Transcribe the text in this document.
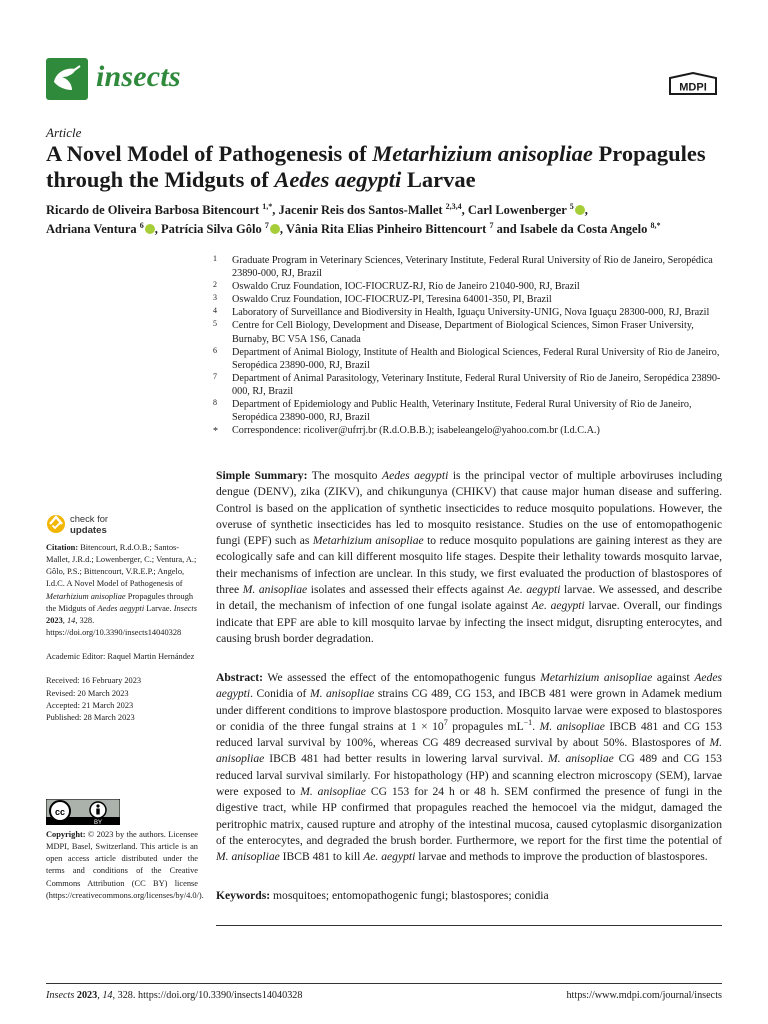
insects	MDPI
Article
A Novel Model of Pathogenesis of Metarhizium anisopliae Propagules through the Midguts of Aedes aegypti Larvae
Ricardo de Oliveira Barbosa Bitencourt $^{1,*}$, Jacenir Reis dos Santos-Mallet $^{2,3,4}$, Carl Lowenberger $^5$ ,
Adriana Ventura $^6$ , Patrícia Silva Gôlo $^7$ , Vânia Rita Elias Pinheiro Bittencourt $^7$ and Isabele da Costa Angelo $^{8,*}$
1 Graduate Program in Veterinary Sciences, Veterinary Institute, Federal Rural University of Rio de Janeiro, Seropédica 23890-000, RJ, Brazil
2 Oswaldo Cruz Foundation, IOC-FIOCRUZ-RJ, Rio de Janeiro 21040-900, RJ, Brazil
3 Oswaldo Cruz Foundation, IOC-FIOCRUZ-PI, Teresina 64001-350, PI, Brazil
4 Laboratory of Surveillance and Biodiversity in Health, Iguaçu University-UNIG, Nova Iguaçu 28300-000, RJ, Brazil
5 Centre for Cell Biology, Development and Disease, Department of Biological Sciences, Simon Fraser University, Burnaby, BC V5A 1S6, Canada
6 Department of Animal Biology, Institute of Health and Biological Sciences, Federal Rural University of Rio de Janeiro, Seropédica 23890-000, RJ, Brazil
7 Department of Animal Parasitology, Veterinary Institute, Federal Rural University of Rio de Janeiro, Seropédica 23890-000, RJ, Brazil
8 Department of Epidemiology and Public Health, Veterinary Institute, Federal Rural University of Rio de Janeiro, Seropédica 23890-000, RJ, Brazil
* Correspondence: ricoliver@ufrrj.br (R.d.O.B.B.); isabeleangelo@yahoo.com.br (I.d.C.A.)
Simple Summary: The mosquito Aedes aegypti is the principal vector of multiple arboviruses including dengue (DENV), zika (ZIKV), and chikungunya (CHIKV) that cause major human disease and suffering. Control is based on the application of synthetic insecticides to reduce mosquito populations. However, the overuse of synthetic insecticides has led to mosquito resistance. Studies on the use of entomopathogenic fungi (EPF) such as Metarhizium anisopliae to reduce mosquito populations are gaining interest as they are ecologically safe and can kill different mosquito life stages. Despite their lethality towards mosquito larvae, their mechanisms of infection are unclear. In this study, we first evaluated the production of blastospores of three M. anisopliae isolates and assessed their effects against Ae. aegypti larvae. We assessed, and describe in detail, the mechanism of infection of one fungal isolate against Ae. aegypti larvae. Overall, our findings indicate that EPF are able to kill mosquito larvae by infecting the insect midgut, disrupting enterocytes, and causing brush border degradation.
Abstract: We assessed the effect of the entomopathogenic fungus Metarhizium anisopliae against Aedes aegypti. Conidia of M. anisopliae strains CG 489, CG 153, and IBCB 481 were grown in Adamek medium under different conditions to improve blastospore production. Mosquito larvae were exposed to blastospores or conidia of the three fungal strains at $1 \times 10^7$ propagules $mL^{-1}$. M. anisopliae IBCB 481 and CG 153 reduced larval survival by 100%, whereas CG 489 decreased survival by about 50%. Blastospores of M. anisopliae IBCB 481 had better results in lowering larval survival. M. anisopliae CG 489 and CG 153 reduced larval survival similarly. For histopathology (HP) and scanning electron microscopy (SEM), larvae were exposed to M. anisopliae CG 153 for 24 h or 48 h. SEM confirmed the presence of fungi in the digestive tract, while HP confirmed that propagules reached the hemocoel via the midgut, damaged the peritrophic matrix, caused rupture and atrophy of the intestinal mucosa, caused cytoplasmic disorganization of the enterocytes, and degraded the brush border. Furthermore, we report for the first time the potential of M. anisopliae IBCB 481 to kill Ae. aegypti larvae and methods to improve the production of blastospores.
Keywords: mosquitoes; entomopathogenic fungi; blastospores; conidia
check for
updates

Citation: Bitencourt, R.d.O.B.; Santos-Mallet, J.R.d.; Lowenberger, C.; Ventura, A.; Gôlo, P.S.; Bittencourt, V.R.E.P.; Angelo, I.d.C. A Novel Model of Pathogenesis of Metarhizium anisopliae Propagules through the Midguts of Aedes aegypti Larvae. Insects 2023, 14, 328. https://doi.org/10.3390/insects14040328

Academic Editor: Raquel Martin Hernández

Received: 16 February 2023

Revised: 20 March 2023

Accepted: 21 March 2023

Published: 28 March 2023

cc
BY
Copyright: © 2023 by the authors. Licensee MDPI, Basel, Switzerland. This article is an open access article distributed under the terms and conditions of the Creative Commons Attribution (CC BY) license (https://creativecommons.org/licenses/by/4.0/).
Insects 2023, 14, 328. https://doi.org/10.3390/insects14040328	https://www.mdpi.com/journal/insects
